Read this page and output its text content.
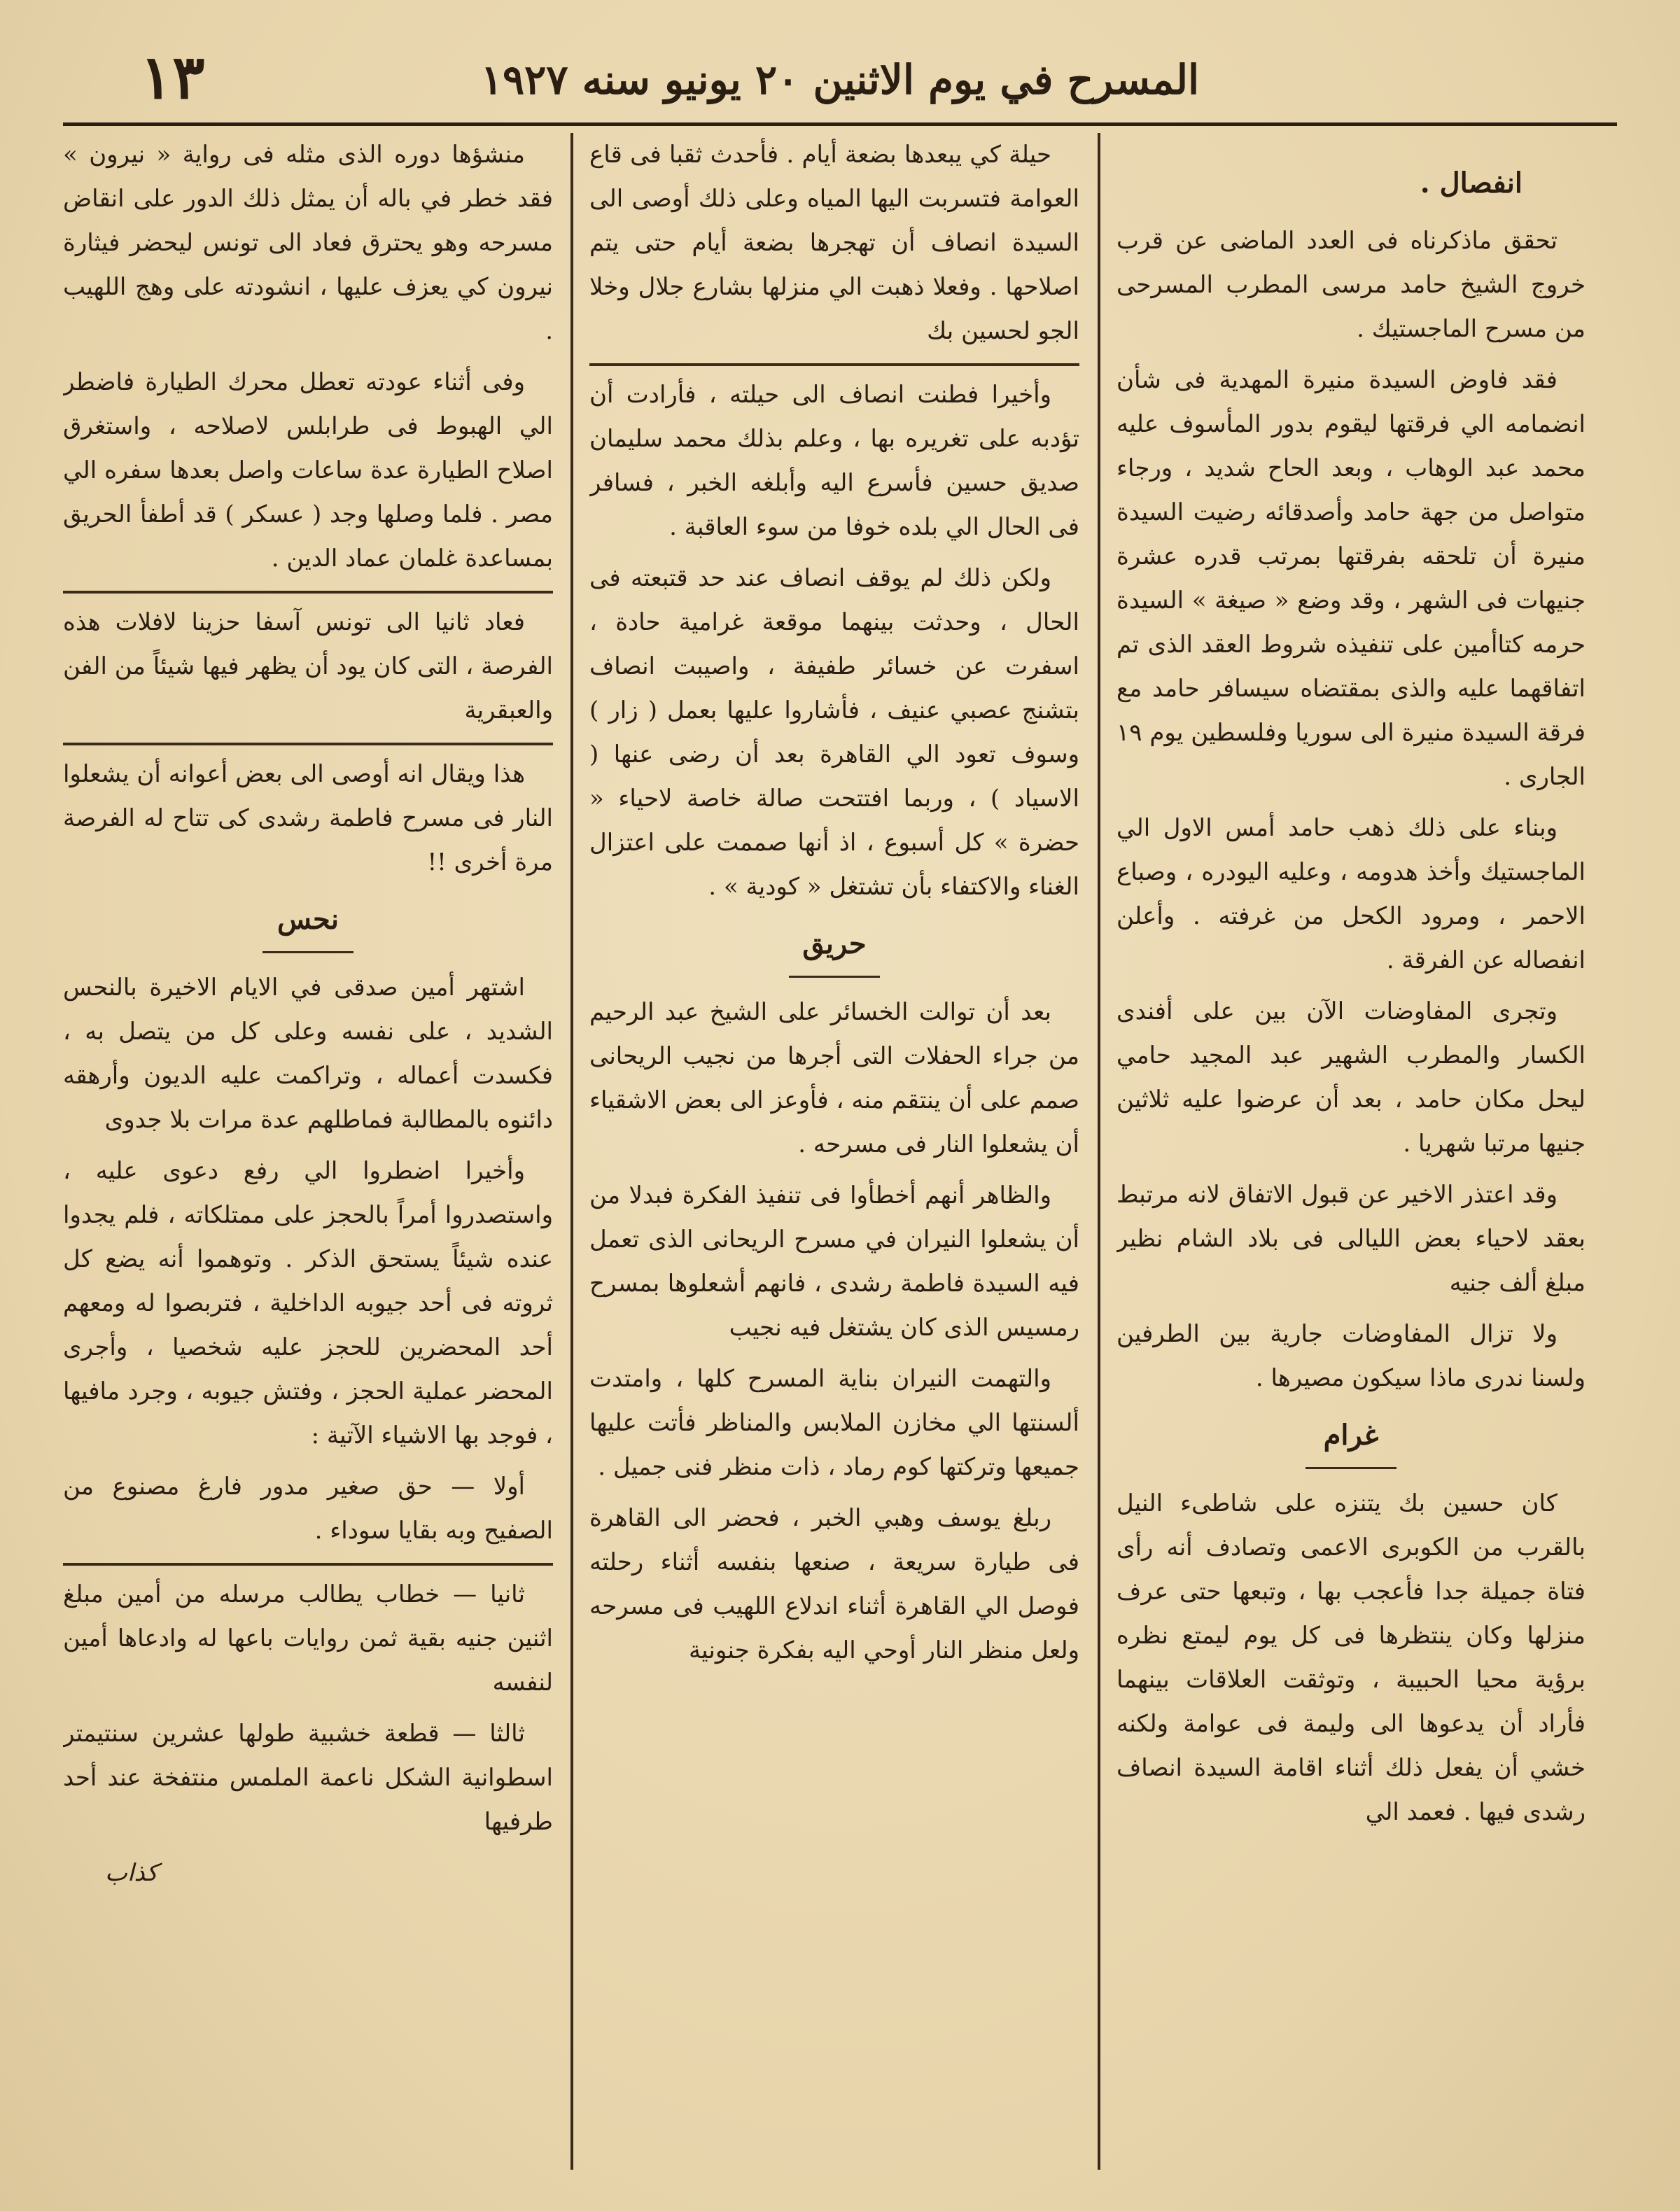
١٣	المسرح في يوم الاثنين ٢٠ يونيو سنه ١٩٢٧
انفصال .

تحقق ماذكرناه فى العدد الماضى عن قرب خروج الشيخ حامد مرسى المطرب المسرحى من مسرح الماجستيك .

فقد فاوض السيدة منيرة المهدية فى شأن انضمامه الي فرقتها ليقوم بدور المأسوف عليه محمد عبد الوهاب ، وبعد الحاح شديد ، ورجاء متواصل من جهة حامد وأصدقائه رضيت السيدة منيرة أن تلحقه بفرقتها بمرتب قدره عشرة جنيهات فى الشهر ، وقد وضع « صيغة » السيدة حرمه كتاأمين على تنفيذه شروط العقد الذى تم اتفاقهما عليه والذى بمقتضاه سيسافر حامد مع فرقة السيدة منيرة الى سوريا وفلسطين يوم ١٩ الجارى .

وبناء على ذلك ذهب حامد أمس الاول الي الماجستيك وأخذ هدومه ، وعليه اليودره ، وصباع الاحمر ، ومرود الكحل من غرفته . وأعلن انفصاله عن الفرقة .

وتجرى المفاوضات الآن بين على أفندى الكسار والمطرب الشهير عبد المجيد حامي ليحل مكان حامد ، بعد أن عرضوا عليه ثلاثين جنيها مرتبا شهريا .

وقد اعتذر الاخير عن قبول الاتفاق لانه مرتبط بعقد لاحياء بعض الليالى فى بلاد الشام نظير مبلغ ألف جنيه

ولا تزال المفاوضات جارية بين الطرفين ولسنا ندرى ماذا سيكون مصيرها .

غرام

كان حسين بك يتنزه على شاطىء النيل بالقرب من الكوبرى الاعمى وتصادف أنه رأى فتاة جميلة جدا فأعجب بها ، وتبعها حتى عرف منزلها وكان ينتظرها فى كل يوم ليمتع نظره برؤية محيا الحبيبة ، وتوثقت العلاقات بينهما فأراد أن يدعوها الى وليمة فى عوامة ولكنه خشي أن يفعل ذلك أثناء اقامة السيدة انصاف رشدى فيها . فعمد الي

حيلة كي يبعدها بضعة أيام . فأحدث ثقبا فى قاع العوامة فتسربت اليها المياه وعلى ذلك أوصى الى السيدة انصاف أن تهجرها بضعة أيام حتى يتم اصلاحها . وفعلا ذهبت الي منزلها بشارع جلال وخلا الجو لحسين بك

وأخيرا فطنت انصاف الى حيلته ، فأرادت أن تؤدبه على تغريره بها ، وعلم بذلك محمد سليمان صديق حسين فأسرع اليه وأبلغه الخبر ، فسافر فى الحال الي بلده خوفا من سوء العاقبة .

ولكن ذلك لم يوقف انصاف عند حد قتبعته فى الحال ، وحدثت بينهما موقعة غرامية حادة ، اسفرت عن خسائر طفيفة ، واصيبت انصاف بتشنج عصبي عنيف ، فأشاروا عليها بعمل ( زار ) وسوف تعود الي القاهرة بعد أن رضى عنها ( الاسياد ) ، وربما افتتحت صالة خاصة لاحياء « حضرة » كل أسبوع ، اذ أنها صممت على اعتزال الغناء والاكتفاء بأن تشتغل « كودية » .

حريق

بعد أن توالت الخسائر على الشيخ عبد الرحيم من جراء الحفلات التى أجرها من نجيب الريحانى صمم على أن ينتقم منه ، فأوعز الى بعض الاشقياء أن يشعلوا النار فى مسرحه .

والظاهر أنهم أخطأوا فى تنفيذ الفكرة فبدلا من أن يشعلوا النيران في مسرح الريحانى الذى تعمل فيه السيدة فاطمة رشدى ، فانهم أشعلوها بمسرح رمسيس الذى كان يشتغل فيه نجيب

والتهمت النيران بناية المسرح كلها ، وامتدت ألسنتها الي مخازن الملابس والمناظر فأتت عليها جميعها وتركتها كوم رماد ، ذات منظر فنى جميل .

ربلغ يوسف وهبي الخبر ، فحضر الى القاهرة فى طيارة سريعة ، صنعها بنفسه أثناء رحلته فوصل الي القاهرة أثناء اندلاع اللهيب فى مسرحه ولعل منظر النار أوحي اليه بفكرة جنونية

منشؤها دوره الذى مثله فى رواية « نيرون » فقد خطر في باله أن يمثل ذلك الدور على انقاض مسرحه وهو يحترق فعاد الى تونس ليحضر فيثارة نيرون كي يعزف عليها ، انشودته على وهج اللهيب .

وفى أثناء عودته تعطل محرك الطيارة فاضطر الي الهبوط فى طرابلس لاصلاحه ، واستغرق اصلاح الطيارة عدة ساعات واصل بعدها سفره الي مصر . فلما وصلها وجد ( عسكر ) قد أطفأ الحريق بمساعدة غلمان عماد الدين .

فعاد ثانيا الى تونس آسفا حزينا لافلات هذه الفرصة ، التى كان يود أن يظهر فيها شيئاً من الفن والعبقرية

هذا ويقال انه أوصى الى بعض أعوانه أن يشعلوا النار فى مسرح فاطمة رشدى كى تتاح له الفرصة مرة أخرى !!

نحس

اشتهر أمين صدقى في الايام الاخيرة بالنحس الشديد ، على نفسه وعلى كل من يتصل به ، فكسدت أعماله ، وتراكمت عليه الديون وأرهقه دائنوه بالمطالبة فماطلهم عدة مرات بلا جدوى

وأخيرا اضطروا الي رفع دعوى عليه ، واستصدروا أمراً بالحجز على ممتلكاته ، فلم يجدوا عنده شيئاً يستحق الذكر . وتوهموا أنه يضع كل ثروته فى أحد جيوبه الداخلية ، فتربصوا له ومعهم أحد المحضرين للحجز عليه شخصيا ، وأجرى المحضر عملية الحجز ، وفتش جيوبه ، وجرد مافيها ، فوجد بها الاشياء الآتية :

أولا — حق صغير مدور فارغ مصنوع من الصفيح وبه بقايا سوداء .

ثانيا — خطاب يطالب مرسله من أمين مبلغ اثنين جنيه بقية ثمن روايات باعها له وادعاها أمين لنفسه

ثالثا — قطعة خشبية طولها عشرين سنتيمتر اسطوانية الشكل ناعمة الملمس منتفخة عند أحد طرفيها

كذاب
